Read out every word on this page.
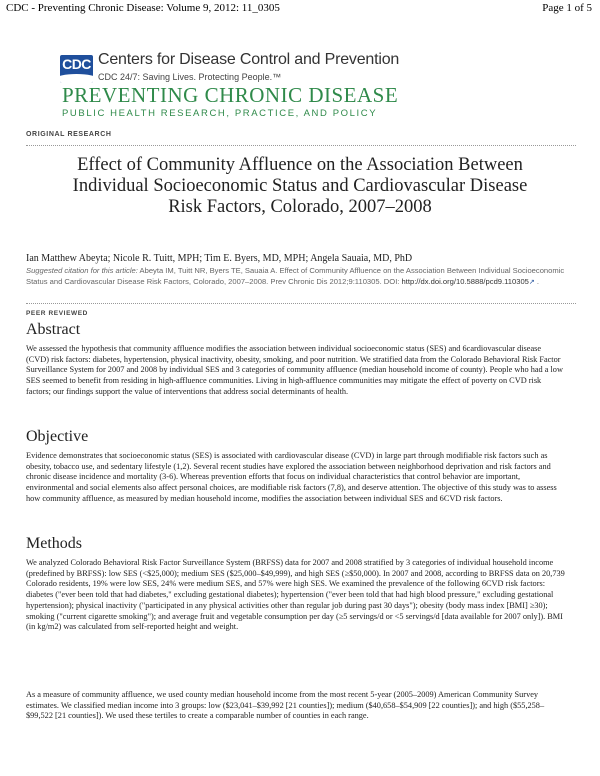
CDC - Preventing Chronic Disease: Volume 9, 2012: 11_0305	Page 1 of 5
CDC Centers for Disease Control and Prevention
CDC 24/7: Saving Lives. Protecting People.™
PREVENTING CHRONIC DISEASE
PUBLIC HEALTH RESEARCH, PRACTICE, AND POLICY
ORIGINAL RESEARCH
Effect of Community Affluence on the Association Between Individual Socioeconomic Status and Cardiovascular Disease Risk Factors, Colorado, 2007–2008
Ian Matthew Abeyta; Nicole R. Tuitt, MPH; Tim E. Byers, MD, MPH; Angela Sauaia, MD, PhD
Suggested citation for this article: Abeyta IM, Tuitt NR, Byers TE, Sauaia A. Effect of Community Affluence on the Association Between Individual Socioeconomic Status and Cardiovascular Disease Risk Factors, Colorado, 2007–2008. Prev Chronic Dis 2012;9:110305. DOI: http://dx.doi.org/10.5888/pcd9.110305↗ .
PEER REVIEWED
Abstract

We assessed the hypothesis that community affluence modifies the association between individual socioeconomic status (SES) and 6cardiovascular disease (CVD) risk factors: diabetes, hypertension, physical inactivity, obesity, smoking, and poor nutrition. We stratified data from the Colorado Behavioral Risk Factor Surveillance System for 2007 and 2008 by individual SES and 3 categories of community affluence (median household income of county). People who had a low SES seemed to benefit from residing in high-affluence communities. Living in high-affluence communities may mitigate the effect of poverty on CVD risk factors; our findings support the value of interventions that address social determinants of health.

Objective

Evidence demonstrates that socioeconomic status (SES) is associated with cardiovascular disease (CVD) in large part through modifiable risk factors such as obesity, tobacco use, and sedentary lifestyle (1,2). Several recent studies have explored the association between neighborhood deprivation and risk factors and chronic disease incidence and mortality (3-6). Whereas prevention efforts that focus on individual characteristics that control behavior are important, environmental and social elements also affect personal choices, are modifiable risk factors (7,8), and deserve attention. The objective of this study was to assess how community affluence, as measured by median household income, modifies the association between individual SES and 6CVD risk factors.

Methods

We analyzed Colorado Behavioral Risk Factor Surveillance System (BRFSS) data for 2007 and 2008 stratified by 3 categories of individual household income (predefined by BRFSS): low SES (<$25,000); medium SES ($25,000–$49,999), and high SES (≥$50,000). In 2007 and 2008, according to BRFSS data on 20,739 Colorado residents, 19% were low SES, 24% were medium SES, and 57% were high SES. We examined the prevalence of the following 6CVD risk factors: diabetes ("ever been told that had diabetes," excluding gestational diabetes); hypertension ("ever been told that had high blood pressure," excluding gestational hypertension); physical inactivity ("participated in any physical activities other than regular job during past 30 days"); obesity (body mass index [BMI] ≥30); smoking ("current cigarette smoking"); and average fruit and vegetable consumption per day (≥5 servings/d or <5 servings/d [data available for 2007 only]). BMI (in kg/m2) was calculated from self-reported height and weight.

As a measure of community affluence, we used county median household income from the most recent 5-year (2005–2009) American Community Survey estimates. We classified median income into 3 groups: low ($23,041–$39,992 [21 counties]); medium ($40,658–$54,909 [22 counties]); and high ($55,258–$99,522 [21 counties]). We used these tertiles to create a comparable number of counties in each range.
